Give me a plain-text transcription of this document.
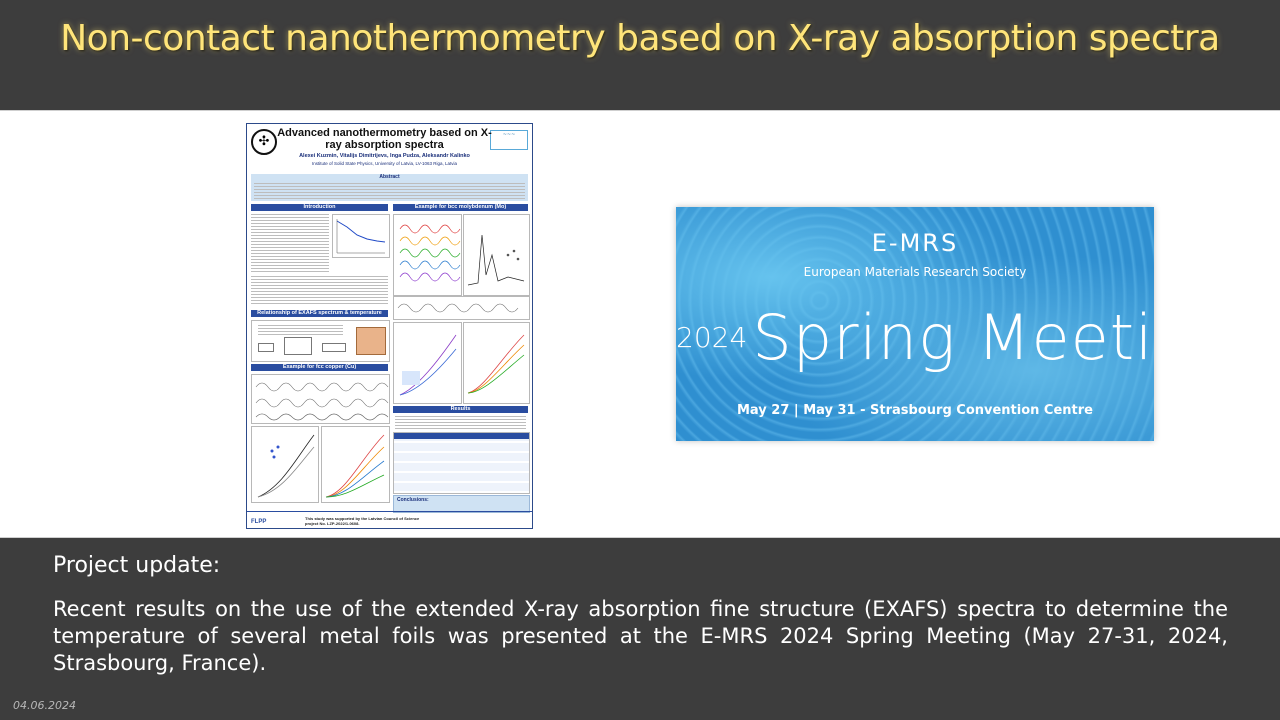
Non-contact nanothermometry based on X-ray absorption spectra
✣	~~~
Advanced nanothermometry based on X-ray absorption spectra
Alexei Kuzmin, Vitalijs Dimitrijevs, Inga Pudza, Aleksandr Kalinko
Institute of Solid State Physics, University of Latvia, LV-1063 Riga, Latvia
Abstract
Introduction
Relationship of EXAFS spectrum & temperature
Example for fcc copper (Cu)
Example for bcc molybdenum (Mo)
Results
Conclusions:
FLPP
This study was supported by the Latvian Council of Science project No. LZP-2022/1-0608.
E-MRS
European Materials Research Society
2024 Spring Meeting
May 27 | May 31 - Strasbourg Convention Centre
Project update:
Recent results on the use of the extended X-ray absorption fine structure (EXAFS) spectra to determine the temperature of several metal foils was presented at the E-MRS 2024 Spring Meeting (May 27-31, 2024, Strasbourg, France).
04.06.2024
